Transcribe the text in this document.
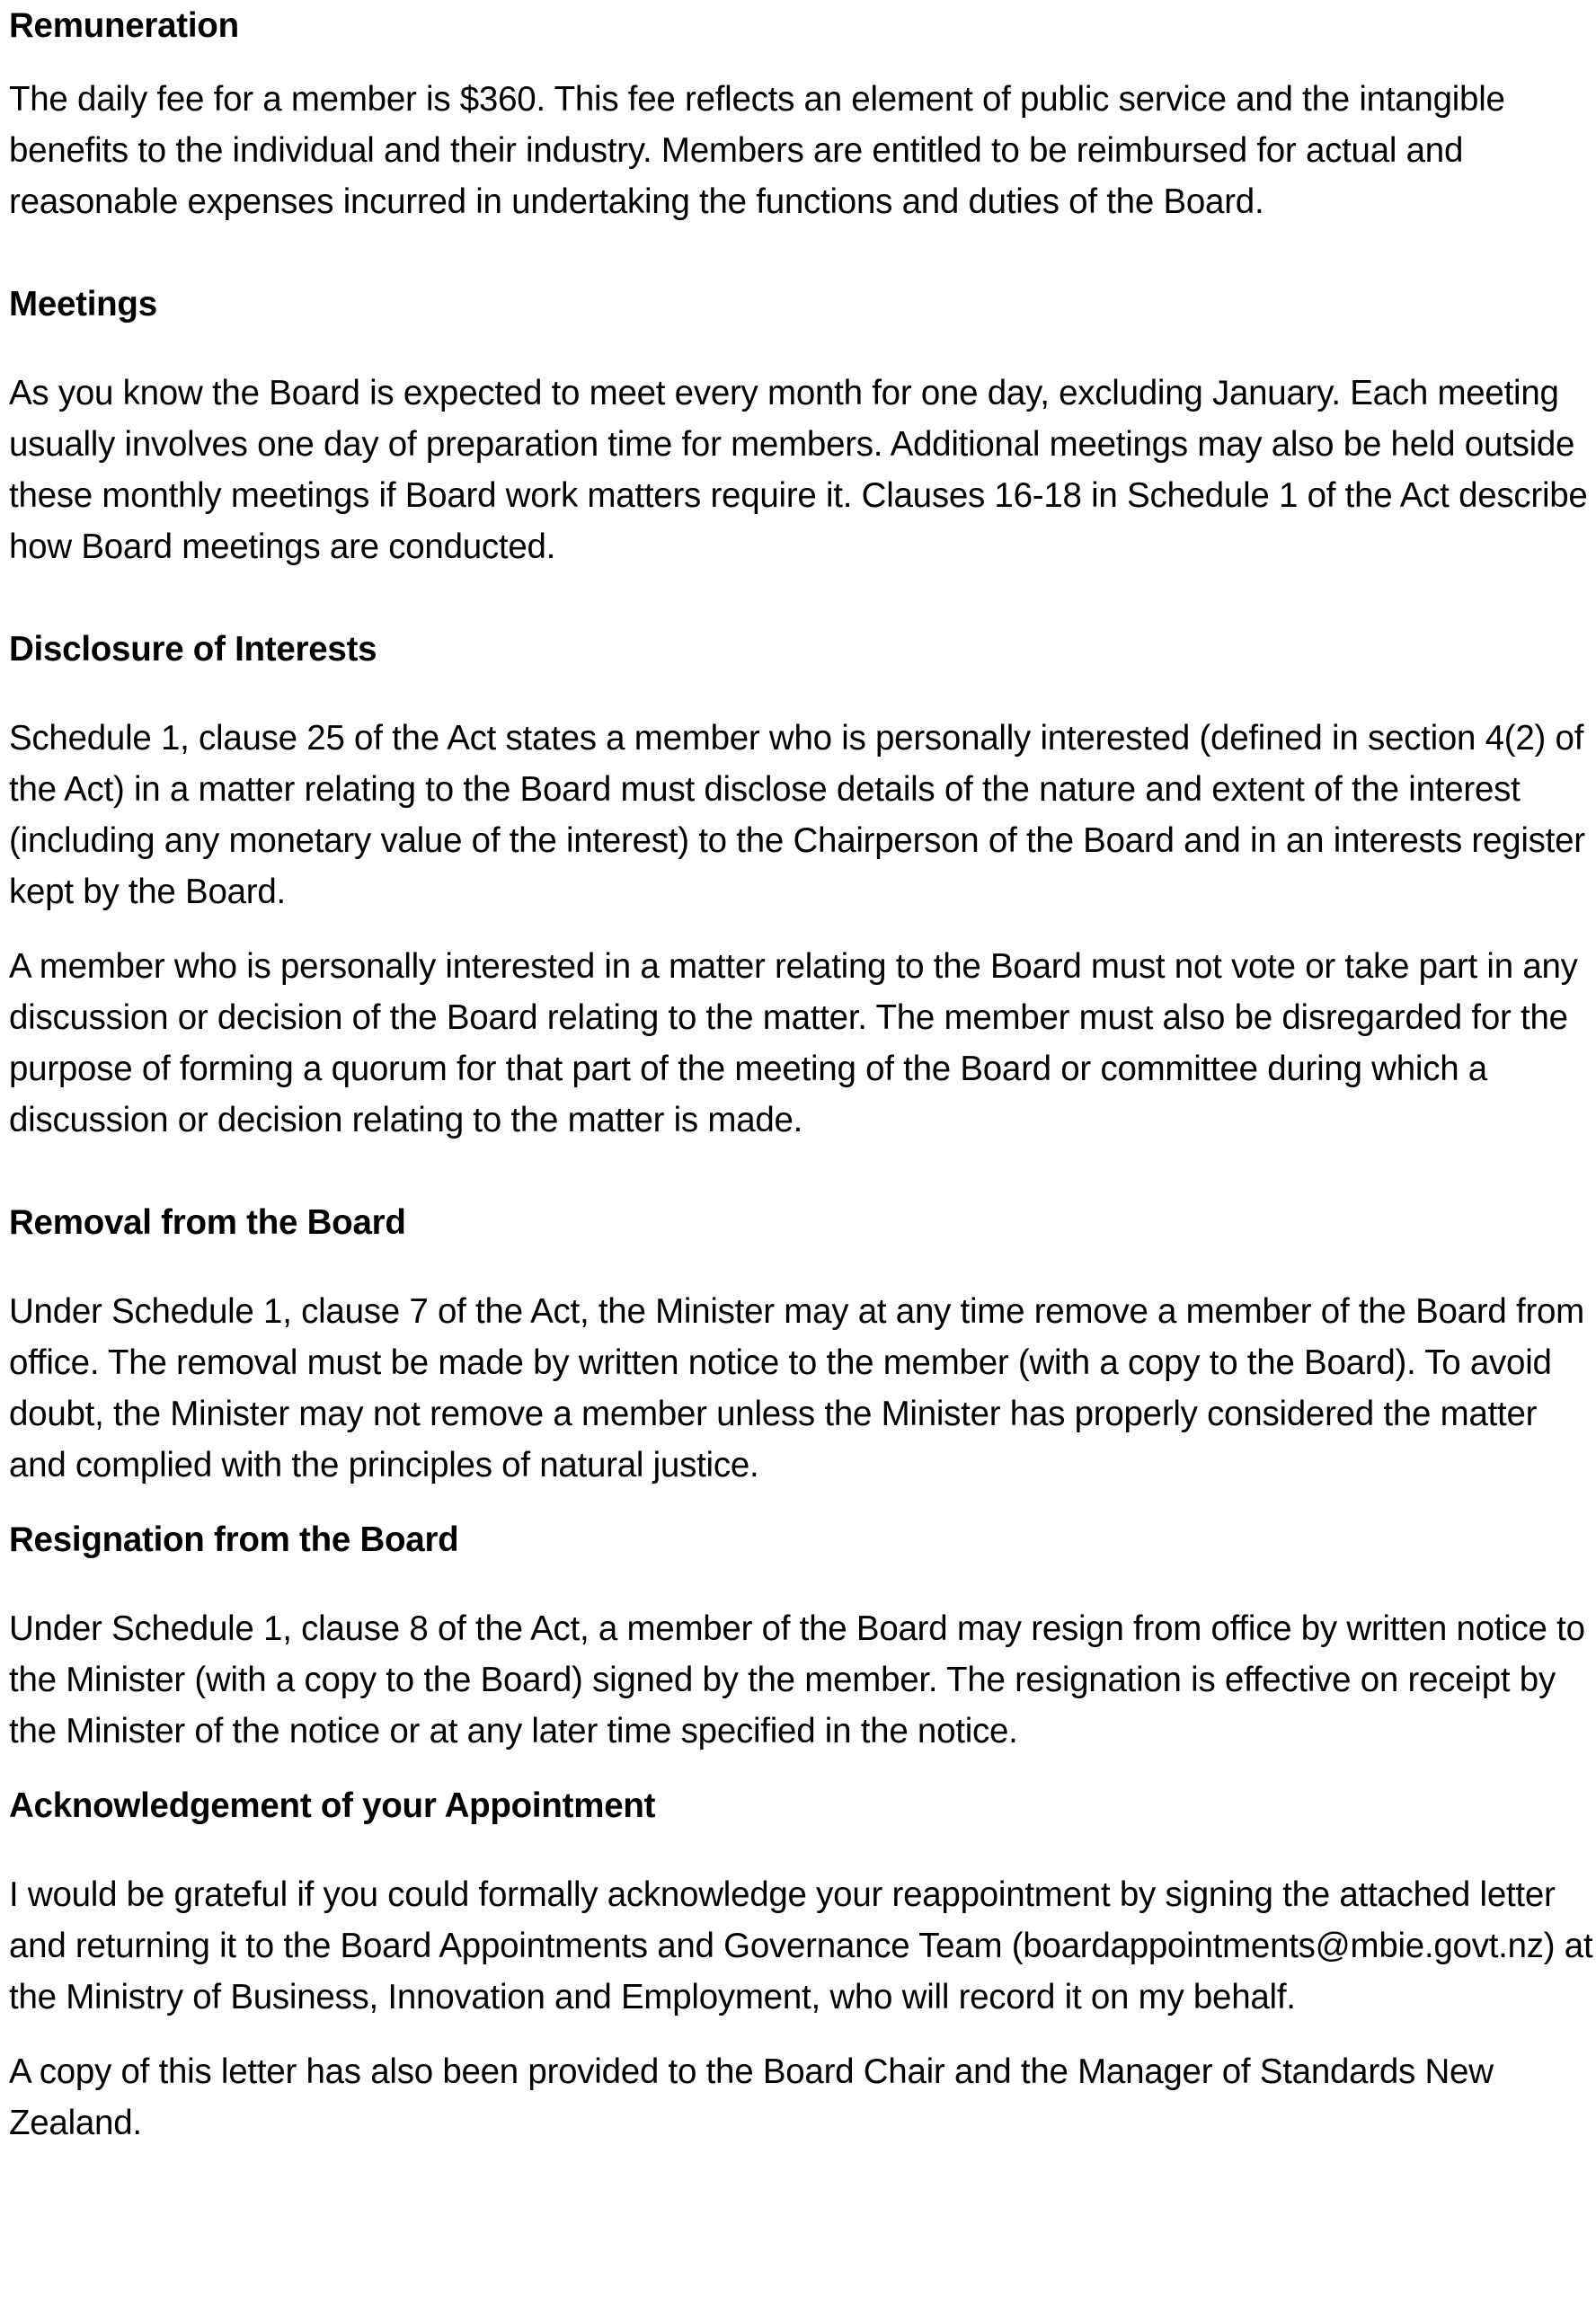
Remuneration

The daily fee for a member is $360. This fee reflects an element of public service and the intangible benefits to the individual and their industry. Members are entitled to be reimbursed for actual and reasonable expenses incurred in undertaking the functions and duties of the Board.

Meetings

As you know the Board is expected to meet every month for one day, excluding January. Each meeting usually involves one day of preparation time for members. Additional meetings may also be held outside these monthly meetings if Board work matters require it. Clauses 16-18 in Schedule 1 of the Act describe how Board meetings are conducted.

Disclosure of Interests

Schedule 1, clause 25 of the Act states a member who is personally interested (defined in section 4(2) of the Act) in a matter relating to the Board must disclose details of the nature and extent of the interest (including any monetary value of the interest) to the Chairperson of the Board and in an interests register kept by the Board.

A member who is personally interested in a matter relating to the Board must not vote or take part in any discussion or decision of the Board relating to the matter. The member must also be disregarded for the purpose of forming a quorum for that part of the meeting of the Board or committee during which a discussion or decision relating to the matter is made.

Removal from the Board

Under Schedule 1, clause 7 of the Act, the Minister may at any time remove a member of the Board from office. The removal must be made by written notice to the member (with a copy to the Board). To avoid doubt, the Minister may not remove a member unless the Minister has properly considered the matter and complied with the principles of natural justice.

Resignation from the Board

Under Schedule 1, clause 8 of the Act, a member of the Board may resign from office by written notice to the Minister (with a copy to the Board) signed by the member. The resignation is effective on receipt by the Minister of the notice or at any later time specified in the notice.

Acknowledgement of your Appointment

I would be grateful if you could formally acknowledge your reappointment by signing the attached letter and returning it to the Board Appointments and Governance Team (boardappointments@mbie.govt.nz) at the Ministry of Business, Innovation and Employment, who will record it on my behalf.

A copy of this letter has also been provided to the Board Chair and the Manager of Standards New Zealand.
